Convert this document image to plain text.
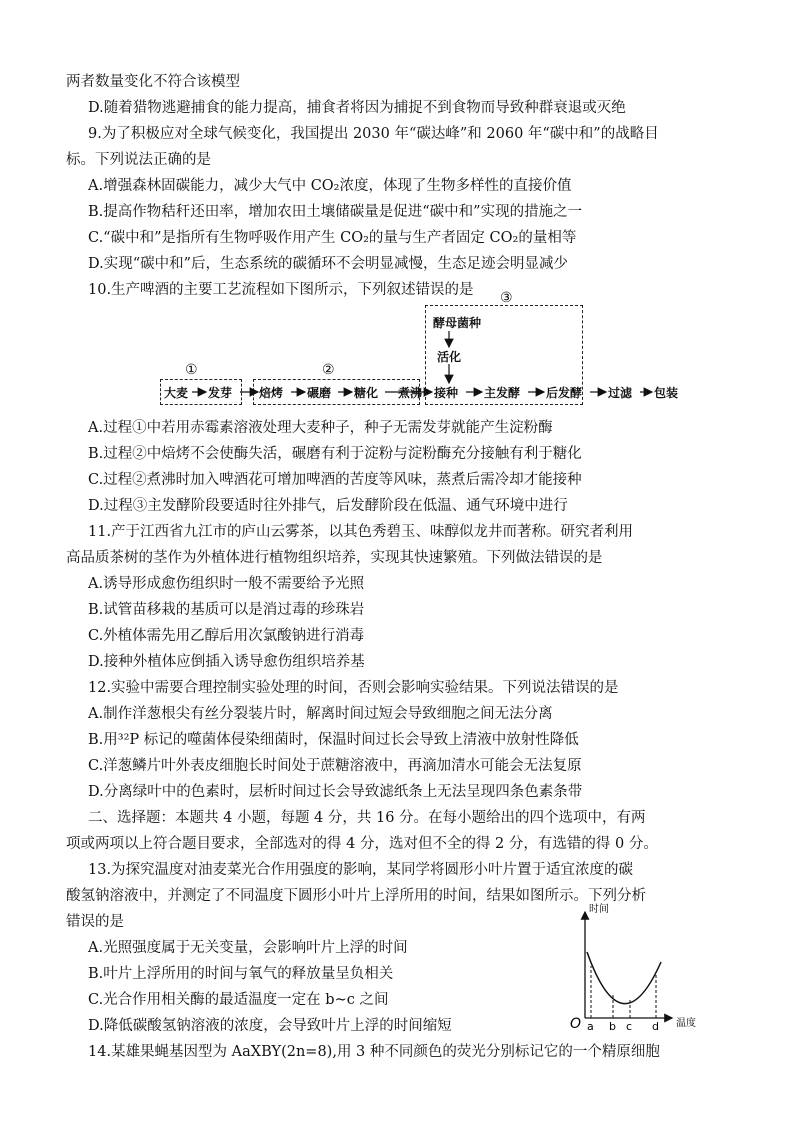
两者数量变化不符合该模型
D.随着猎物逃避捕食的能力提高，捕食者将因为捕捉不到食物而导致种群衰退或灭绝
9.为了积极应对全球气候变化，我国提出 2030 年“碳达峰”和 2060 年“碳中和”的战略目
标。下列说法正确的是
A.增强森林固碳能力，减少大气中 CO₂浓度，体现了生物多样性的直接价值
B.提高作物秸秆还田率，增加农田土壤储碳量是促进“碳中和”实现的措施之一
C.“碳中和”是指所有生物呼吸作用产生 CO₂的量与生产者固定 CO₂的量相等
D.实现“碳中和”后，生态系统的碳循环不会明显减慢，生态足迹会明显减少
10.生产啤酒的主要工艺流程如下图所示，下列叙述错误的是
①	②
③
大麦 发芽 焙烤 碾磨 糖化 煮沸 接种 主发酵 后发酵 过滤 包装
酵母菌种
活化
A.过程①中若用赤霉素溶液处理大麦种子，种子无需发芽就能产生淀粉酶
B.过程②中焙烤不会使酶失活，碾磨有利于淀粉与淀粉酶充分接触有利于糖化
C.过程②煮沸时加入啤酒花可增加啤酒的苦度等风味，蒸煮后需冷却才能接种
D.过程③主发酵阶段要适时往外排气，后发酵阶段在低温、通气环境中进行
11.产于江西省九江市的庐山云雾茶，以其色秀碧玉、味醇似龙井而著称。研究者利用
高品质茶树的茎作为外植体进行植物组织培养，实现其快速繁殖。下列做法错误的是
A.诱导形成愈伤组织时一般不需要给予光照
B.试管苗移栽的基质可以是消过毒的珍珠岩
C.外植体需先用乙醇后用次氯酸钠进行消毒
D.接种外植体应倒插入诱导愈伤组织培养基
12.实验中需要合理控制实验处理的时间，否则会影响实验结果。下列说法错误的是
A.制作洋葱根尖有丝分裂装片时，解离时间过短会导致细胞之间无法分离
B.用³²P 标记的噬菌体侵染细菌时，保温时间过长会导致上清液中放射性降低
C.洋葱鳞片叶外表皮细胞长时间处于蔗糖溶液中，再滴加清水可能会无法复原
D.分离绿叶中的色素时，层析时间过长会导致滤纸条上无法呈现四条色素条带
二、选择题：本题共 4 小题，每题 4 分，共 16 分。在每小题给出的四个选项中，有两
项或两项以上符合题目要求，全部选对的得 4 分，选对但不全的得 2 分，有选错的得 0 分。
13.为探究温度对油麦菜光合作用强度的影响，某同学将圆形小叶片置于适宜浓度的碳
酸氢钠溶液中，并测定了不同温度下圆形小叶片上浮所用的时间，结果如图所示。下列分析
错误的是
A.光照强度属于无关变量，会影响叶片上浮的时间
B.叶片上浮所用的时间与氧气的释放量呈负相关
C.光合作用相关酶的最适温度一定在 b~c 之间
D.降低碳酸氢钠溶液的浓度，会导致叶片上浮的时间缩短
时间
温度
O a b c d
14.某雄果蝇基因型为 AaXBY(2n=8),用 3 种不同颜色的荧光分别标记它的一个精原细胞
